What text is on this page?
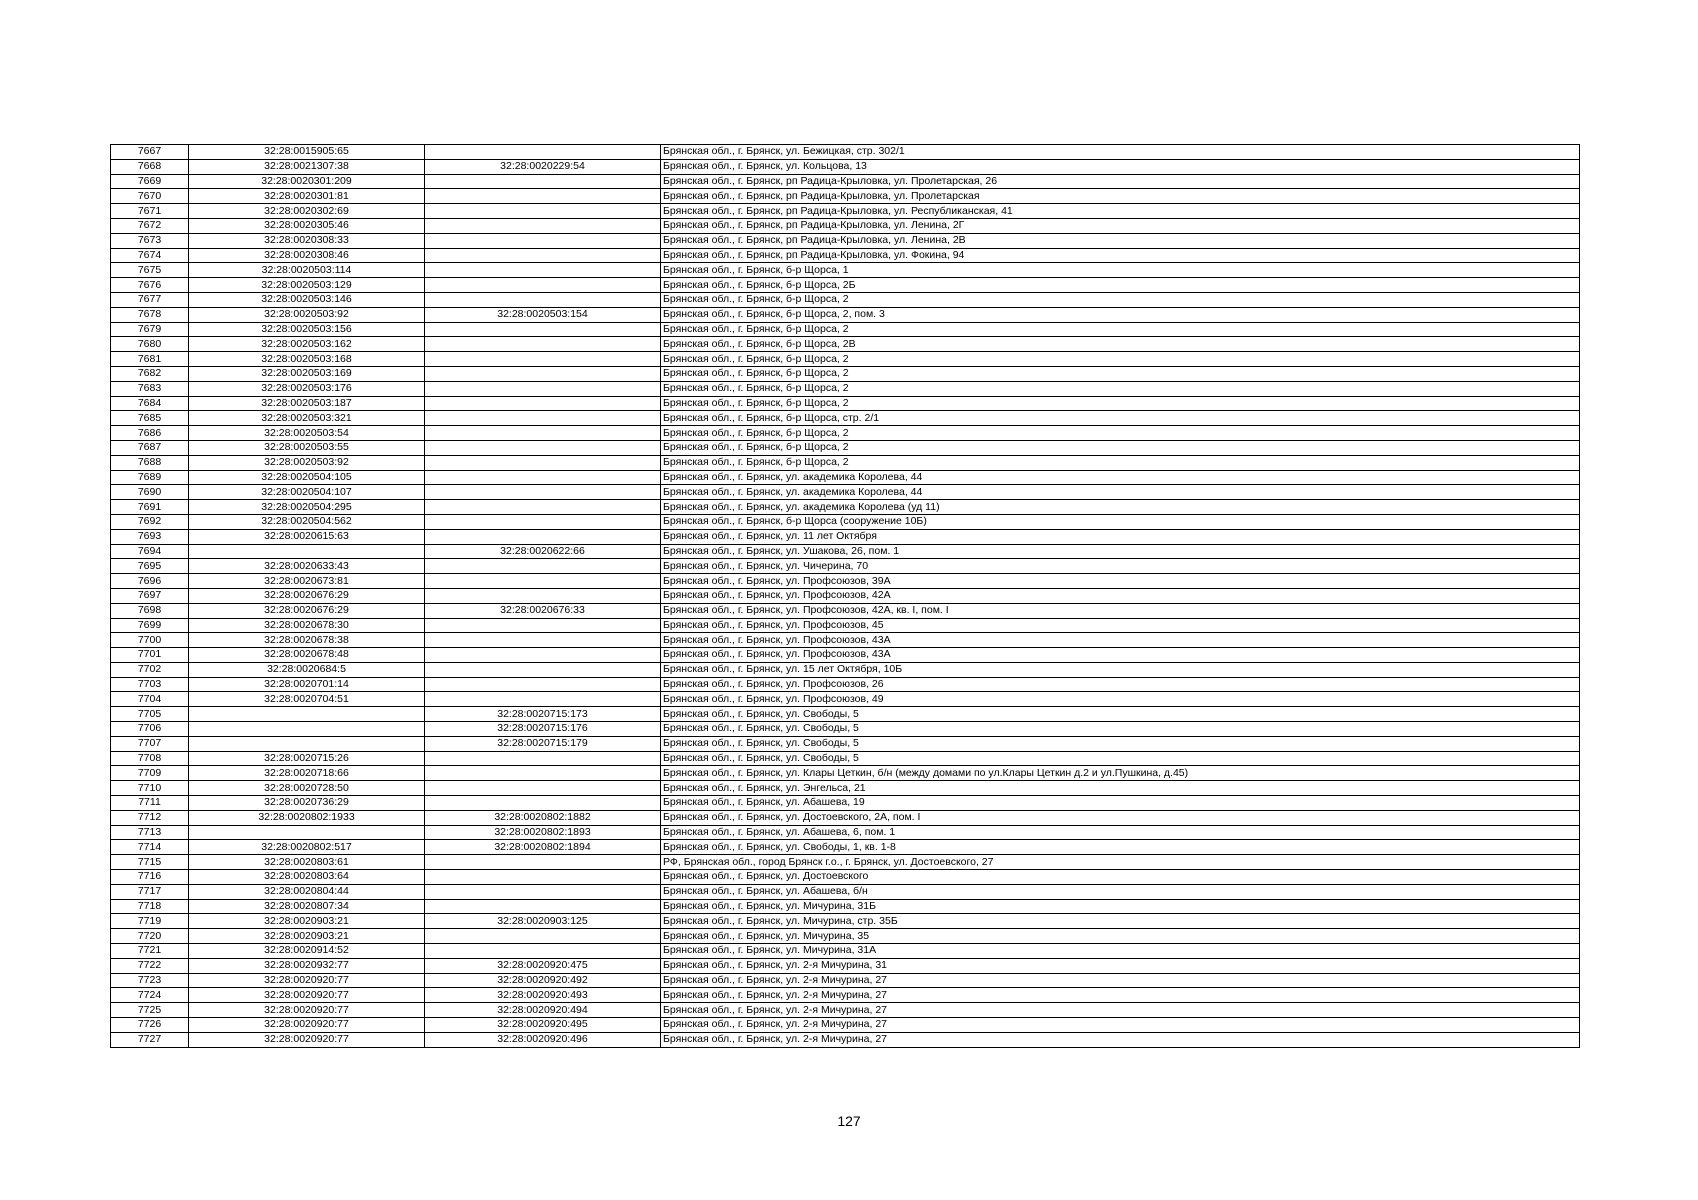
7667	32:28:0015905:65		Брянская обл., г. Брянск, ул. Бежицкая, стр. 302/1
7668	32:28:0021307:38	32:28:0020229:54	Брянская обл., г. Брянск, ул. Кольцова, 13
7669	32:28:0020301:209		Брянская обл., г. Брянск, рп Радица-Крыловка, ул. Пролетарская, 26
7670	32:28:0020301:81		Брянская обл., г. Брянск, рп Радица-Крыловка, ул. Пролетарская
7671	32:28:0020302:69		Брянская обл., г. Брянск, рп Радица-Крыловка, ул. Республиканская, 41
7672	32:28:0020305:46		Брянская обл., г. Брянск, рп Радица-Крыловка, ул. Ленина, 2Г
7673	32:28:0020308:33		Брянская обл., г. Брянск, рп Радица-Крыловка, ул. Ленина, 2В
7674	32:28:0020308:46		Брянская обл., г. Брянск, рп Радица-Крыловка, ул. Фокина, 94
7675	32:28:0020503:114		Брянская обл., г. Брянск, б-р Щорса, 1
7676	32:28:0020503:129		Брянская обл., г. Брянск, б-р Щорса, 2Б
7677	32:28:0020503:146		Брянская обл., г. Брянск, б-р Щорса, 2
7678	32:28:0020503:92	32:28:0020503:154	Брянская обл., г. Брянск, б-р Щорса, 2, пом. 3
7679	32:28:0020503:156		Брянская обл., г. Брянск, б-р Щорса, 2
7680	32:28:0020503:162		Брянская обл., г. Брянск, б-р Щорса, 2В
7681	32:28:0020503:168		Брянская обл., г. Брянск, б-р Щорса, 2
7682	32:28:0020503:169		Брянская обл., г. Брянск, б-р Щорса, 2
7683	32:28:0020503:176		Брянская обл., г. Брянск, б-р Щорса, 2
7684	32:28:0020503:187		Брянская обл., г. Брянск, б-р Щорса, 2
7685	32:28:0020503:321		Брянская обл., г. Брянск, б-р Щорса, стр. 2/1
7686	32:28:0020503:54		Брянская обл., г. Брянск, б-р Щорса, 2
7687	32:28:0020503:55		Брянская обл., г. Брянск, б-р Щорса, 2
7688	32:28:0020503:92		Брянская обл., г. Брянск, б-р Щорса, 2
7689	32:28:0020504:105		Брянская обл., г. Брянск, ул. академика Королева, 44
7690	32:28:0020504:107		Брянская обл., г. Брянск, ул. академика Королева, 44
7691	32:28:0020504:295		Брянская обл., г. Брянск, ул. академика Королева (уд 11)
7692	32:28:0020504:562		Брянская обл., г. Брянск, б-р Щорса (сооружение 10Б)
7693	32:28:0020615:63		Брянская обл., г. Брянск, ул. 11 лет Октября
7694		32:28:0020622:66	Брянская обл., г. Брянск, ул. Ушакова, 26, пом. 1
7695	32:28:0020633:43		Брянская обл., г. Брянск, ул. Чичерина, 70
7696	32:28:0020673:81		Брянская обл., г. Брянск, ул. Профсоюзов, 39А
7697	32:28:0020676:29		Брянская обл., г. Брянск, ул. Профсоюзов, 42А
7698	32:28:0020676:29	32:28:0020676:33	Брянская обл., г. Брянск, ул. Профсоюзов, 42А, кв. I, пом. I
7699	32:28:0020678:30		Брянская обл., г. Брянск, ул. Профсоюзов, 45
7700	32:28:0020678:38		Брянская обл., г. Брянск, ул. Профсоюзов, 43А
7701	32:28:0020678:48		Брянская обл., г. Брянск, ул. Профсоюзов, 43А
7702	32:28:0020684:5		Брянская обл., г. Брянск, ул. 15 лет Октября, 10Б
7703	32:28:0020701:14		Брянская обл., г. Брянск, ул. Профсоюзов, 26
7704	32:28:0020704:51		Брянская обл., г. Брянск, ул. Профсоюзов, 49
7705		32:28:0020715:173	Брянская обл., г. Брянск, ул. Свободы, 5
7706		32:28:0020715:176	Брянская обл., г. Брянск, ул. Свободы, 5
7707		32:28:0020715:179	Брянская обл., г. Брянск, ул. Свободы, 5
7708	32:28:0020715:26		Брянская обл., г. Брянск, ул. Свободы, 5
7709	32:28:0020718:66		Брянская обл., г. Брянск, ул. Клары Цеткин, б/н (между домами по ул.Клары Цеткин д.2 и ул.Пушкина, д.45)
7710	32:28:0020728:50		Брянская обл., г. Брянск, ул. Энгельса, 21
7711	32:28:0020736:29		Брянская обл., г. Брянск, ул. Абашева, 19
7712	32:28:0020802:1933	32:28:0020802:1882	Брянская обл., г. Брянск, ул. Достоевского, 2А, пом. I
7713		32:28:0020802:1893	Брянская обл., г. Брянск, ул. Абашева, 6, пом. 1
7714	32:28:0020802:517	32:28:0020802:1894	Брянская обл., г. Брянск, ул. Свободы, 1, кв. 1-8
7715	32:28:0020803:61		РФ, Брянская обл., город Брянск г.о., г. Брянск, ул. Достоевского, 27
7716	32:28:0020803:64		Брянская обл., г. Брянск, ул. Достоевского
7717	32:28:0020804:44		Брянская обл., г. Брянск, ул. Абашева, б/н
7718	32:28:0020807:34		Брянская обл., г. Брянск, ул. Мичурина, 31Б
7719	32:28:0020903:21	32:28:0020903:125	Брянская обл., г. Брянск, ул. Мичурина, стр. 35Б
7720	32:28:0020903:21		Брянская обл., г. Брянск, ул. Мичурина, 35
7721	32:28:0020914:52		Брянская обл., г. Брянск, ул. Мичурина, 31А
7722	32:28:0020932:77	32:28:0020920:475	Брянская обл., г. Брянск, ул. 2-я Мичурина, 31
7723	32:28:0020920:77	32:28:0020920:492	Брянская обл., г. Брянск, ул. 2-я Мичурина, 27
7724	32:28:0020920:77	32:28:0020920:493	Брянская обл., г. Брянск, ул. 2-я Мичурина, 27
7725	32:28:0020920:77	32:28:0020920:494	Брянская обл., г. Брянск, ул. 2-я Мичурина, 27
7726	32:28:0020920:77	32:28:0020920:495	Брянская обл., г. Брянск, ул. 2-я Мичурина, 27
7727	32:28:0020920:77	32:28:0020920:496	Брянская обл., г. Брянск, ул. 2-я Мичурина, 27
127
